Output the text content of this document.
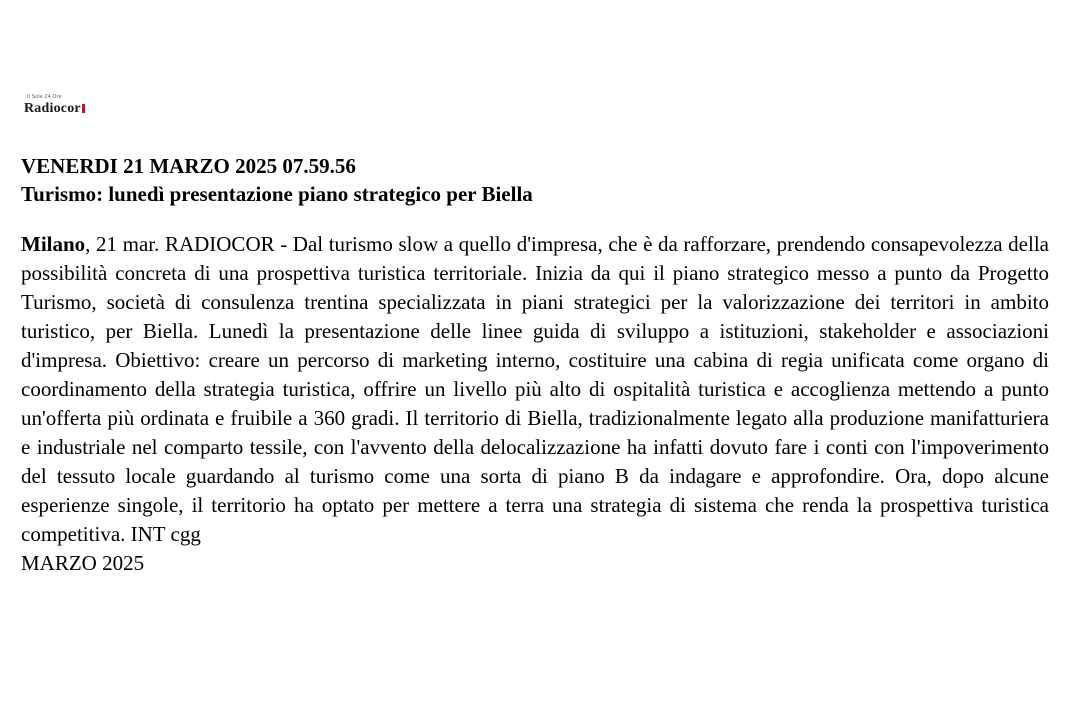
Il Sole 24 Ore
Radiocor
VENERDI 21 MARZO 2025 07.59.56
Turismo: lunedì presentazione piano strategico per Biella
Milano, 21 mar. RADIOCOR - Dal turismo slow a quello d'impresa, che è da rafforzare, prendendo consapevolezza della possibilità concreta di una prospettiva turistica territoriale. Inizia da qui il piano strategico messo a punto da Progetto Turismo, società di consulenza trentina specializzata in piani strategici per la valorizzazione dei territori in ambito turistico, per Biella. Lunedì la presentazione delle linee guida di sviluppo a istituzioni, stakeholder e associazioni d'impresa. Obiettivo: creare un percorso di marketing interno, costituire una cabina di regia unificata come organo di coordinamento della strategia turistica, offrire un livello più alto di ospitalità turistica e accoglienza mettendo a punto un'offerta più ordinata e fruibile a 360 gradi. Il territorio di Biella, tradizionalmente legato alla produzione manifatturiera e industriale nel comparto tessile, con l'avvento della delocalizzazione ha infatti dovuto fare i conti con l'impoverimento del tessuto locale guardando al turismo come una sorta di piano B da indagare e approfondire. Ora, dopo alcune esperienze singole, il territorio ha optato per mettere a terra una strategia di sistema che renda la prospettiva turistica competitiva. INT cgg
MARZO 2025
